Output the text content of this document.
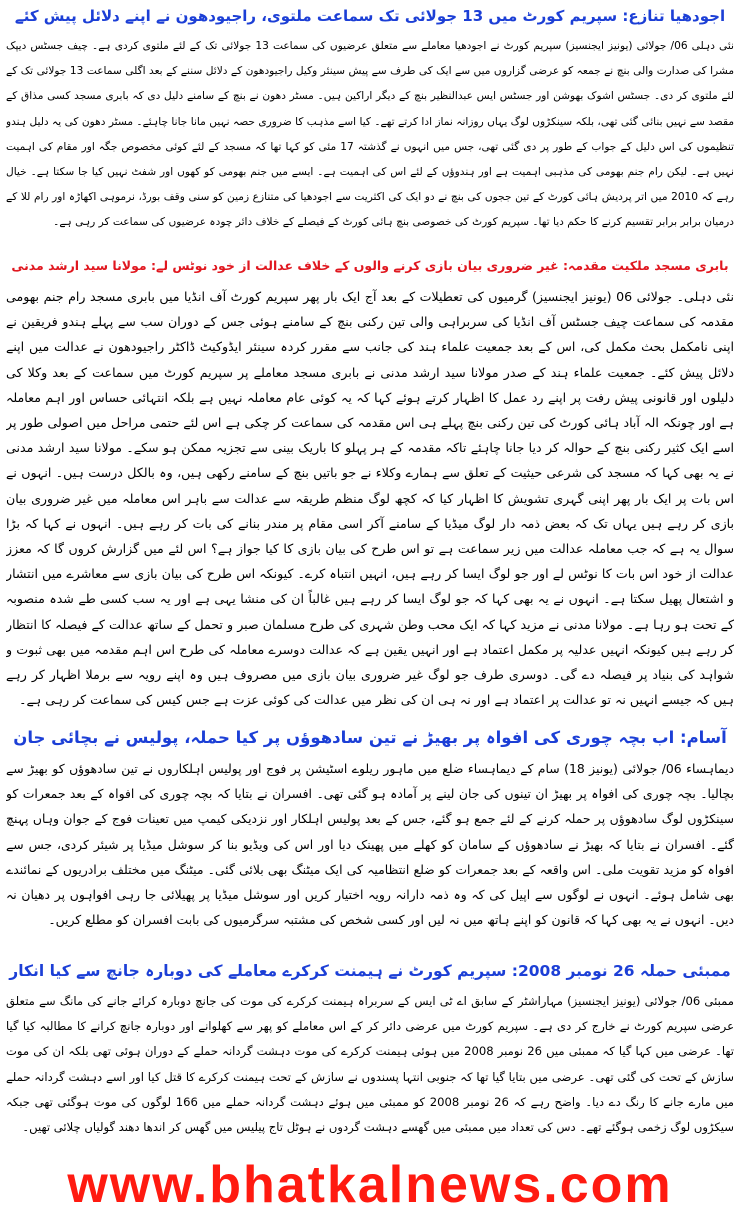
اجودھیا تنازع: سپریم کورٹ میں 13 جولائی تک سماعت ملتوی، راجیودھون نے اپنے دلائل پیش کئے

نئی دہلی 06/ جولائی (یونیز ایجنسیز) سپریم کورٹ نے اجودھیا معاملے سے متعلق عرضیوں کی سماعت 13 جولائی تک کے لئے ملتوی کردی ہے۔ چیف جسٹس دیپک مشرا کی صدارت والی بنچ نے جمعہ کو عرضی گزاروں میں سے ایک کی طرف سے پیش سینئر وکیل راجیودھون کے دلائل سننے کے بعد اگلی سماعت 13 جولائی تک کے لئے ملتوی کر دی۔ جسٹس اشوک بھوشن اور جسٹس ایس عبدالنظیر بنچ کے دیگر اراکین ہیں۔ مسٹر دھون نے بنچ کے سامنے دلیل دی کہ بابری مسجد کسی مذاق کے مقصد سے نہیں بنائی گئی تھی، بلکہ سینکڑوں لوگ یہاں روزانہ نماز ادا کرتے تھے۔ کیا اسے مذہب کا ضروری حصہ نہیں مانا جانا چاہئے۔ مسٹر دھون کی یہ دلیل ہندو تنظیموں کی اس دلیل کے جواب کے طور پر دی گئی تھی، جس میں انہوں نے گذشتہ 17 مئی کو کہا تھا کہ مسجد کے لئے کوئی مخصوص جگہ اور مقام کی اہمیت نہیں ہے۔ لیکن رام جنم بھومی کی مذہبی اہمیت ہے اور ہندوؤں کے لئے اس کی اہمیت ہے۔ ایسے میں جنم بھومی کو کھوں اور شفٹ نہیں کیا جا سکتا ہے۔ خیال رہے کہ 2010 میں اتر پردیش ہائی کورٹ کے تین ججوں کی بنچ نے دو ایک کی اکثریت سے اجودھیا کی متنازع زمین کو سنی وقف بورڈ، نرموہی اکھاڑہ اور رام للا کے درمیان برابر برابر تقسیم کرنے کا حکم دیا تھا۔ سپریم کورٹ کی خصوصی بنچ ہائی کورٹ کے فیصلے کے خلاف دائر چودہ عرضیوں کی سماعت کر رہی ہے۔

بابری مسجد ملکیت مقدمہ: غیر ضروری بیان بازی کرنے والوں کے خلاف عدالت از خود نوٹس لے: مولانا سید ارشد مدنی

نئی دہلی۔ جولائی 06 (یونیز ایجنسیز) گرمیوں کی تعطیلات کے بعد آج ایک بار پھر سپریم کورٹ آف انڈیا میں بابری مسجد رام جنم بھومی مقدمہ کی سماعت چیف جسٹس آف انڈیا کی سربراہی والی تین رکنی بنچ کے سامنے ہوئی جس کے دوران سب سے پہلے ہندو فریقین نے اپنی نامکمل بحث مکمل کی، اس کے بعد جمعیت علماء ہند کی جانب سے مقرر کردہ سینئر ایڈوکیٹ ڈاکٹر راجیودھون نے عدالت میں اپنے دلائل پیش کئے۔ جمعیت علماء ہند کے صدر مولانا سید ارشد مدنی نے بابری مسجد معاملے پر سپریم کورٹ میں سماعت کے بعد وکلا کی دلیلوں اور قانونی پیش رفت پر اپنے رد عمل کا اظہار کرتے ہوئے کہا کہ یہ کوئی عام معاملہ نہیں ہے بلکہ انتہائی حساس اور اہم معاملہ ہے اور چونکہ الہ آباد ہائی کورٹ کی تین رکنی بنچ پہلے ہی اس مقدمہ کی سماعت کر چکی ہے اس لئے حتمی مراحل میں اصولی طور پر اسے ایک کثیر رکنی بنچ کے حوالہ کر دیا جانا چاہئے تاکہ مقدمہ کے ہر پہلو کا باریک بینی سے تجزیہ ممکن ہو سکے۔ مولانا سید ارشد مدنی نے یہ بھی کہا کہ مسجد کی شرعی حیثیت کے تعلق سے ہمارے وکلاء نے جو باتیں بنچ کے سامنے رکھی ہیں، وہ بالکل درست ہیں۔ انہوں نے اس بات پر ایک بار پھر اپنی گہری تشویش کا اظہار کیا کہ کچھ لوگ منظم طریقہ سے عدالت سے باہر اس معاملہ میں غیر ضروری بیان بازی کر رہے ہیں یہاں تک کہ بعض ذمہ دار لوگ میڈیا کے سامنے آکر اسی مقام پر مندر بنانے کی بات کر رہے ہیں۔ انہوں نے کہا کہ بڑا سوال یہ ہے کہ جب معاملہ عدالت میں زیر سماعت ہے تو اس طرح کی بیان بازی کا کیا جواز ہے؟ اس لئے میں گزارش کروں گا کہ معزز عدالت از خود اس بات کا نوٹس لے اور جو لوگ ایسا کر رہے ہیں، انہیں انتباہ کرے۔ کیونکہ اس طرح کی بیان بازی سے معاشرے میں انتشار و اشتعال پھیل سکتا ہے۔ انہوں نے یہ بھی کہا کہ جو لوگ ایسا کر رہے ہیں غالباً ان کی منشا یہی ہے اور یہ سب کسی طے شدہ منصوبہ کے تحت ہو رہا ہے۔ مولانا مدنی نے مزید کہا کہ ایک محب وطن شہری کی طرح مسلمان صبر و تحمل کے ساتھ عدالت کے فیصلہ کا انتظار کر رہے ہیں کیونکہ انہیں عدلیہ پر مکمل اعتماد ہے اور انہیں یقین ہے کہ عدالت دوسرے معاملہ کی طرح اس اہم مقدمہ میں بھی ثبوت و شواہد کی بنیاد پر فیصلہ دے گی۔ دوسری طرف جو لوگ غیر ضروری بیان بازی میں مصروف ہیں وہ اپنے رویہ سے برملا اظہار کر رہے ہیں کہ جیسے انہیں نہ تو عدالت پر اعتماد ہے اور نہ ہی ان کی نظر میں عدالت کی کوئی عزت ہے جس کیس کی سماعت کر رہی ہے۔

آسام: اب بچہ چوری کی افواہ پر بھیڑ نے تین سادھوؤں پر کیا حملہ، پولیس نے بچائی جان

دیماہساء 06/ جولائی (یونیز 18) سام کے دیماہساء ضلع میں ماہور ریلوے اسٹیشن پر فوج اور پولیس اہلکاروں نے تین سادھوؤں کو بھیڑ سے بچالیا۔ بچہ چوری کی افواہ پر بھیڑ ان تینوں کی جان لینے پر آمادہ ہو گئی تھی۔ افسران نے بتایا کہ بچہ چوری کی افواہ کے بعد جمعرات کو سینکڑوں لوگ سادھوؤں پر حملہ کرنے کے لئے جمع ہو گئے، جس کے بعد پولیس اہلکار اور نزدیکی کیمپ میں تعینات فوج کے جوان وہاں پہنچ گئے۔ افسران نے بتایا کہ بھیڑ نے سادھوؤں کے سامان کو کھلے میں پھینک دیا اور اس کی ویڈیو بنا کر سوشل میڈیا پر شیئر کردی، جس سے افواہ کو مزید تقویت ملی۔ اس واقعہ کے بعد جمعرات کو ضلع انتظامیہ کی ایک میٹنگ بھی بلائی گئی۔ میٹنگ میں مختلف برادریوں کے نمائندے بھی شامل ہوئے۔ انہوں نے لوگوں سے اپیل کی کہ وہ ذمہ دارانہ رویہ اختیار کریں اور سوشل میڈیا پر پھیلائی جا رہی افواہوں پر دھیان نہ دیں۔ انہوں نے یہ بھی کہا کہ قانون کو اپنے ہاتھ میں نہ لیں اور کسی شخص کی مشتبہ سرگرمیوں کی بابت افسران کو مطلع کریں۔

ممبئی حملہ 26 نومبر 2008: سپریم کورٹ نے ہیمنت کرکرے معاملے کی دوبارہ جانچ سے کیا انکار

ممبئی 06/ جولائی (یونیز ایجنسیز) مہاراشٹر کے سابق اے ٹی ایس کے سربراہ ہیمنت کرکرے کی موت کی جانچ دوبارہ کرائے جانے کی مانگ سے متعلق عرضی سپریم کورٹ نے خارج کر دی ہے۔ سپریم کورٹ میں عرضی دائر کر کے اس معاملے کو پھر سے کھلوانے اور دوبارہ جانچ کرانے کا مطالبہ کیا گیا تھا۔ عرضی میں کہا گیا کہ ممبئی میں 26 نومبر 2008 میں ہوئی ہیمنت کرکرے کی موت دہشت گردانہ حملے کے دوران ہوئی تھی بلکہ ان کی موت سازش کے تحت کی گئی تھی۔ عرضی میں بتایا گیا تھا کہ جنوبی انتہا پسندوں نے سازش کے تحت ہیمنت کرکرے کا قتل کیا اور اسے دہشت گردانہ حملے میں مارے جانے کا رنگ دے دیا۔ واضح رہے کہ 26 نومبر 2008 کو ممبئی میں ہوئے دہشت گردانہ حملے میں 166 لوگوں کی موت ہوگئی تھی جبکہ سیکڑوں لوگ زخمی ہوگئے تھے۔ دس کی تعداد میں ممبئی میں گھسے دہشت گردوں نے ہوٹل تاج پیلیس میں گھس کر اندھا دھند گولیاں چلائی تھیں۔

www.bhatkalnews.com
